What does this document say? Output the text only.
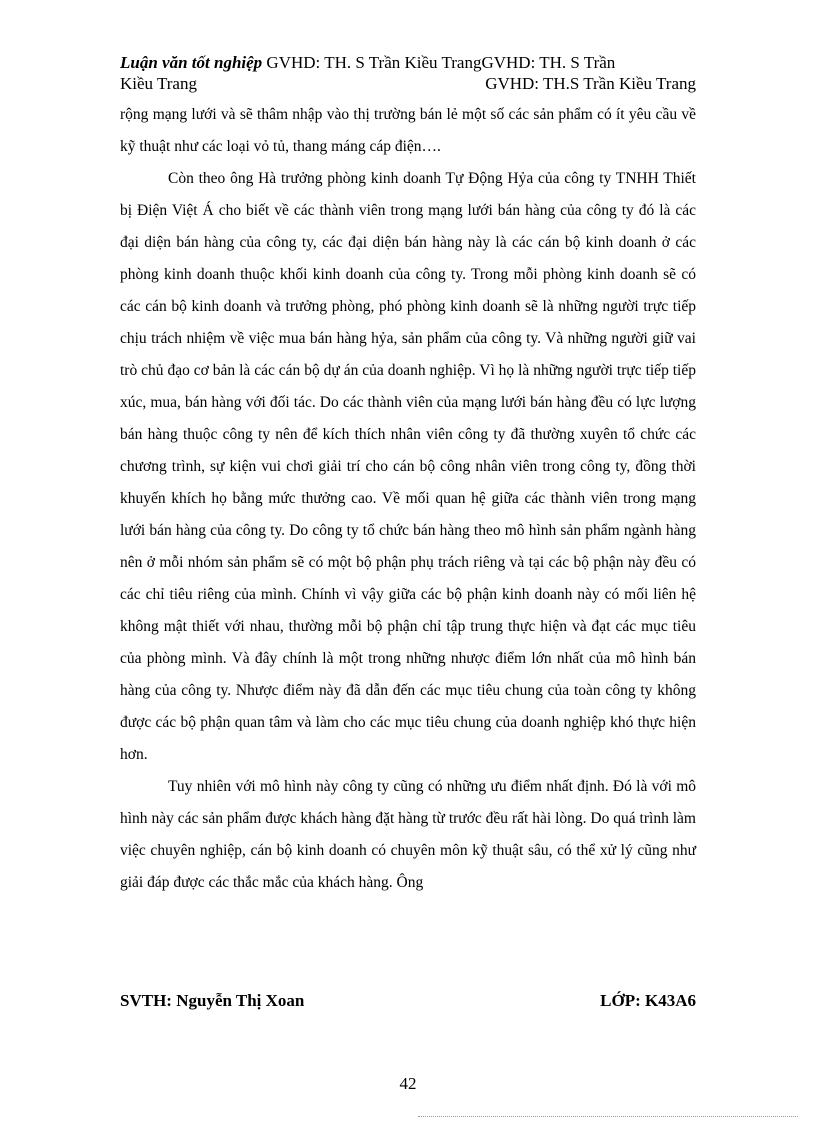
Luận văn tốt nghiệp GVHD: TH. S Trần Kiều TrangGVHD: TH. S Trần
Kiều Trang	GVHD: TH.S Trần Kiều Trang

rộng mạng lưới và sẽ thâm nhập vào thị trường bán lẻ một số các sản phẩm có ít yêu cầu về kỹ thuật như các loại vỏ tủ, thang máng cáp điện….

Còn theo ông Hà trưởng phòng kinh doanh Tự Động Hỷa của công ty TNHH Thiết bị Điện Việt Á cho biết về các thành viên trong mạng lưới bán hàng của công ty đó là các đại diện bán hàng của công ty, các đại diện bán hàng này là các cán bộ kinh doanh ở các phòng kinh doanh thuộc khối kinh doanh của công ty. Trong mỗi phòng kinh doanh sẽ có các cán bộ kinh doanh và trưởng phòng, phó phòng kinh doanh sẽ là những người trực tiếp chịu trách nhiệm về việc mua bán hàng hỷa, sản phẩm của công ty. Và những người giữ vai trò chủ đạo cơ bản là các cán bộ dự án của doanh nghiệp. Vì họ là những người trực tiếp tiếp xúc, mua, bán hàng với đối tác. Do các thành viên của mạng lưới bán hàng đều có lực lượng bán hàng thuộc công ty nên để kích thích nhân viên công ty đã thường xuyên tổ chức các chương trình, sự kiện vui chơi giải trí cho cán bộ công nhân viên trong công ty, đồng thời khuyến khích họ bằng mức thưởng cao. Về mối quan hệ giữa các thành viên trong mạng lưới bán hàng của công ty. Do công ty tổ chức bán hàng theo mô hình sản phẩm ngành hàng nên ở mỗi nhóm sản phẩm sẽ có một bộ phận phụ trách riêng và tại các bộ phận này đều có các chỉ tiêu riêng của mình. Chính vì vậy giữa các bộ phận kinh doanh này có mối liên hệ không mật thiết với nhau, thường mỗi bộ phận chỉ tập trung thực hiện và đạt các mục tiêu của phòng mình. Và đây chính là một trong những nhược điểm lớn nhất của mô hình bán hàng của công ty. Nhược điểm này đã dẫn đến các mục tiêu chung của toàn công ty không được các bộ phận quan tâm và làm cho các mục tiêu chung của doanh nghiệp khó thực hiện hơn.

Tuy nhiên với mô hình này công ty cũng có những ưu điểm nhất định. Đó là với mô hình này các sản phẩm được khách hàng đặt hàng từ trước đều rất hài lòng. Do quá trình làm việc chuyên nghiệp, cán bộ kinh doanh có chuyên môn kỹ thuật sâu, có thể xử lý cũng như giải đáp được các thắc mắc của khách hàng. Ông

SVTH: Nguyễn Thị Xoan	LỚP: K43A6
42
